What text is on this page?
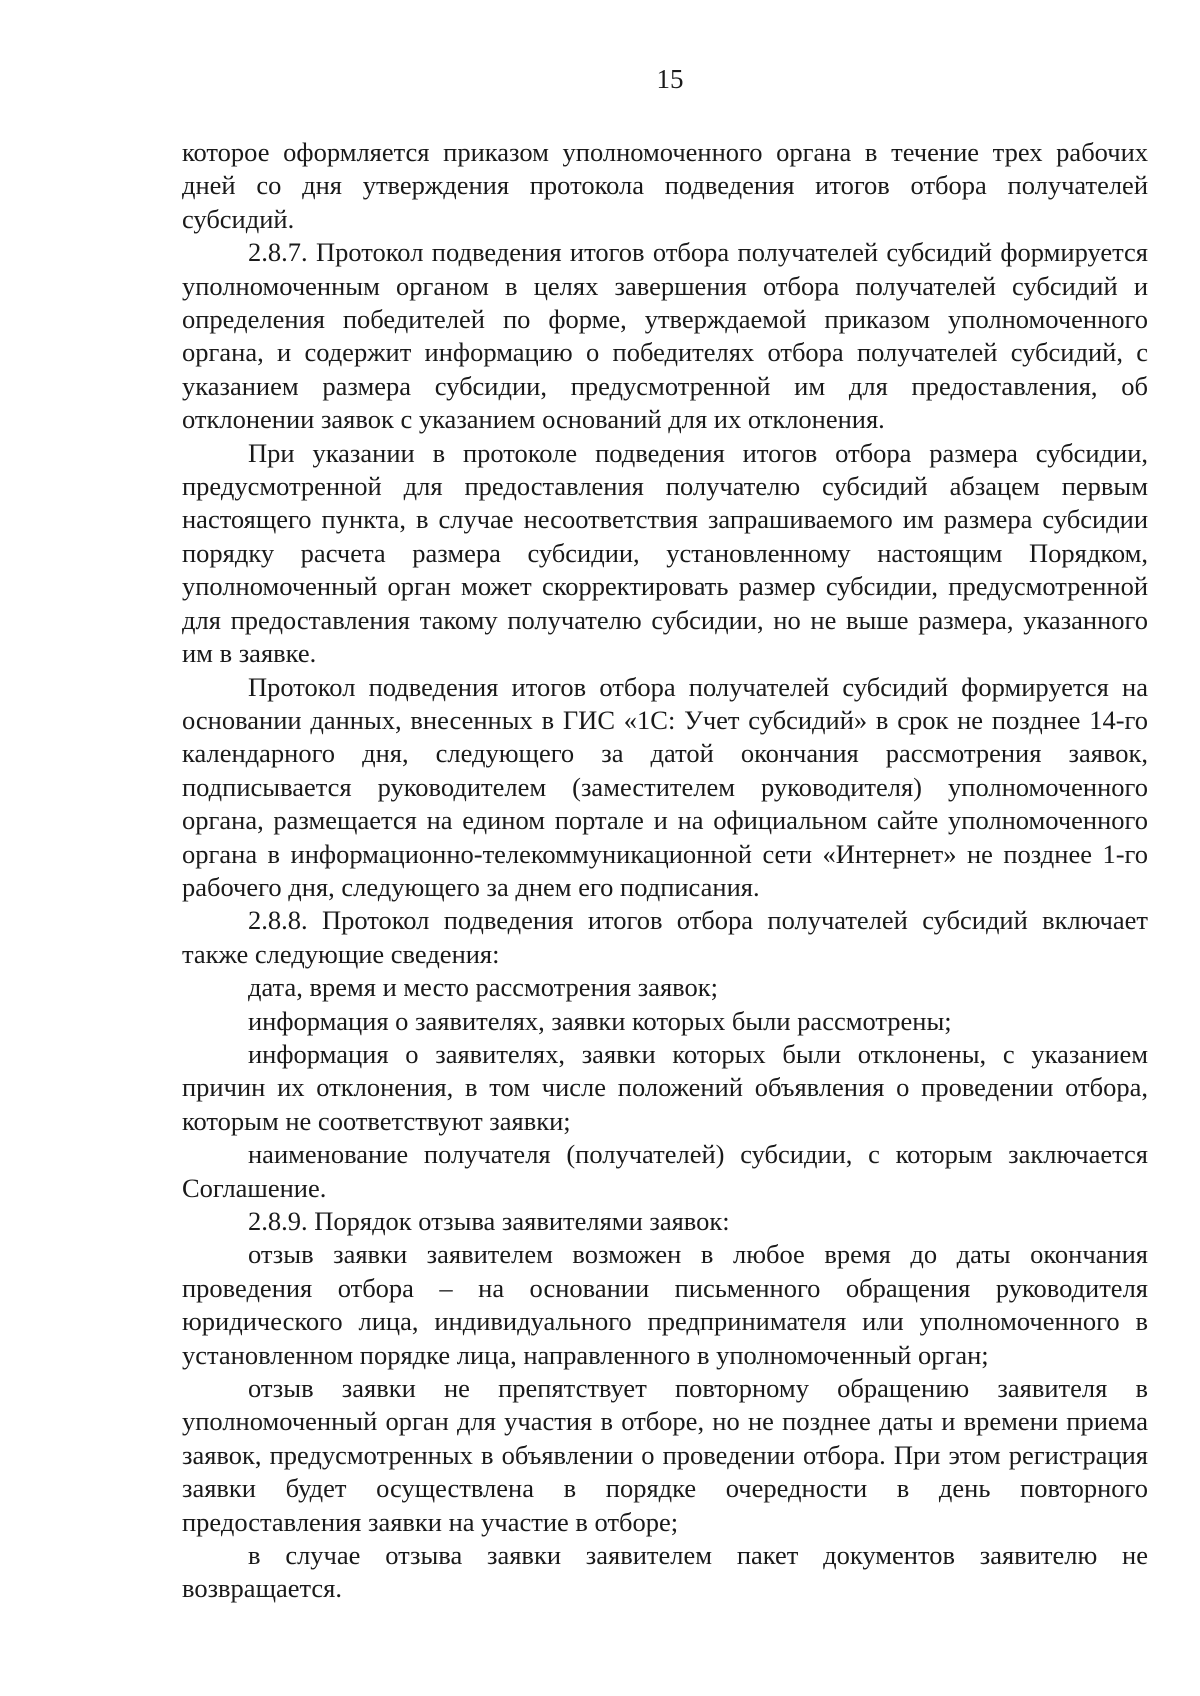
15

которое оформляется приказом уполномоченного органа в течение трех рабочих дней со дня утверждения протокола подведения итогов отбора получателей субсидий.

2.8.7. Протокол подведения итогов отбора получателей субсидий формируется уполномоченным органом в целях завершения отбора получателей субсидий и определения победителей по форме, утверждаемой приказом уполномоченного органа, и содержит информацию о победителях отбора получателей субсидий, с указанием размера субсидии, предусмотренной им для предоставления, об отклонении заявок с указанием оснований для их отклонения.

При указании в протоколе подведения итогов отбора размера субсидии, предусмотренной для предоставления получателю субсидий абзацем первым настоящего пункта, в случае несоответствия запрашиваемого им размера субсидии порядку расчета размера субсидии, установленному настоящим Порядком, уполномоченный орган может скорректировать размер субсидии, предусмотренной для предоставления такому получателю субсидии, но не выше размера, указанного им в заявке.

Протокол подведения итогов отбора получателей субсидий формируется на основании данных, внесенных в ГИС «1С: Учет субсидий» в срок не позднее 14-го календарного дня, следующего за датой окончания рассмотрения заявок, подписывается руководителем (заместителем руководителя) уполномоченного органа, размещается на едином портале и на официальном сайте уполномоченного органа в информационно-телекоммуникационной сети «Интернет» не позднее 1-го рабочего дня, следующего за днем его подписания.

2.8.8. Протокол подведения итогов отбора получателей субсидий включает также следующие сведения:

дата, время и место рассмотрения заявок;

информация о заявителях, заявки которых были рассмотрены;

информация о заявителях, заявки которых были отклонены, с указанием причин их отклонения, в том числе положений объявления о проведении отбора, которым не соответствуют заявки;

наименование получателя (получателей) субсидии, с которым заключается Соглашение.

2.8.9. Порядок отзыва заявителями заявок:

отзыв заявки заявителем возможен в любое время до даты окончания проведения отбора – на основании письменного обращения руководителя юридического лица, индивидуального предпринимателя или уполномоченного в установленном порядке лица, направленного в уполномоченный орган;

отзыв заявки не препятствует повторному обращению заявителя в уполномоченный орган для участия в отборе, но не позднее даты и времени приема заявок, предусмотренных в объявлении о проведении отбора. При этом регистрация заявки будет осуществлена в порядке очередности в день повторного предоставления заявки на участие в отборе;

в случае отзыва заявки заявителем пакет документов заявителю не возвращается.
